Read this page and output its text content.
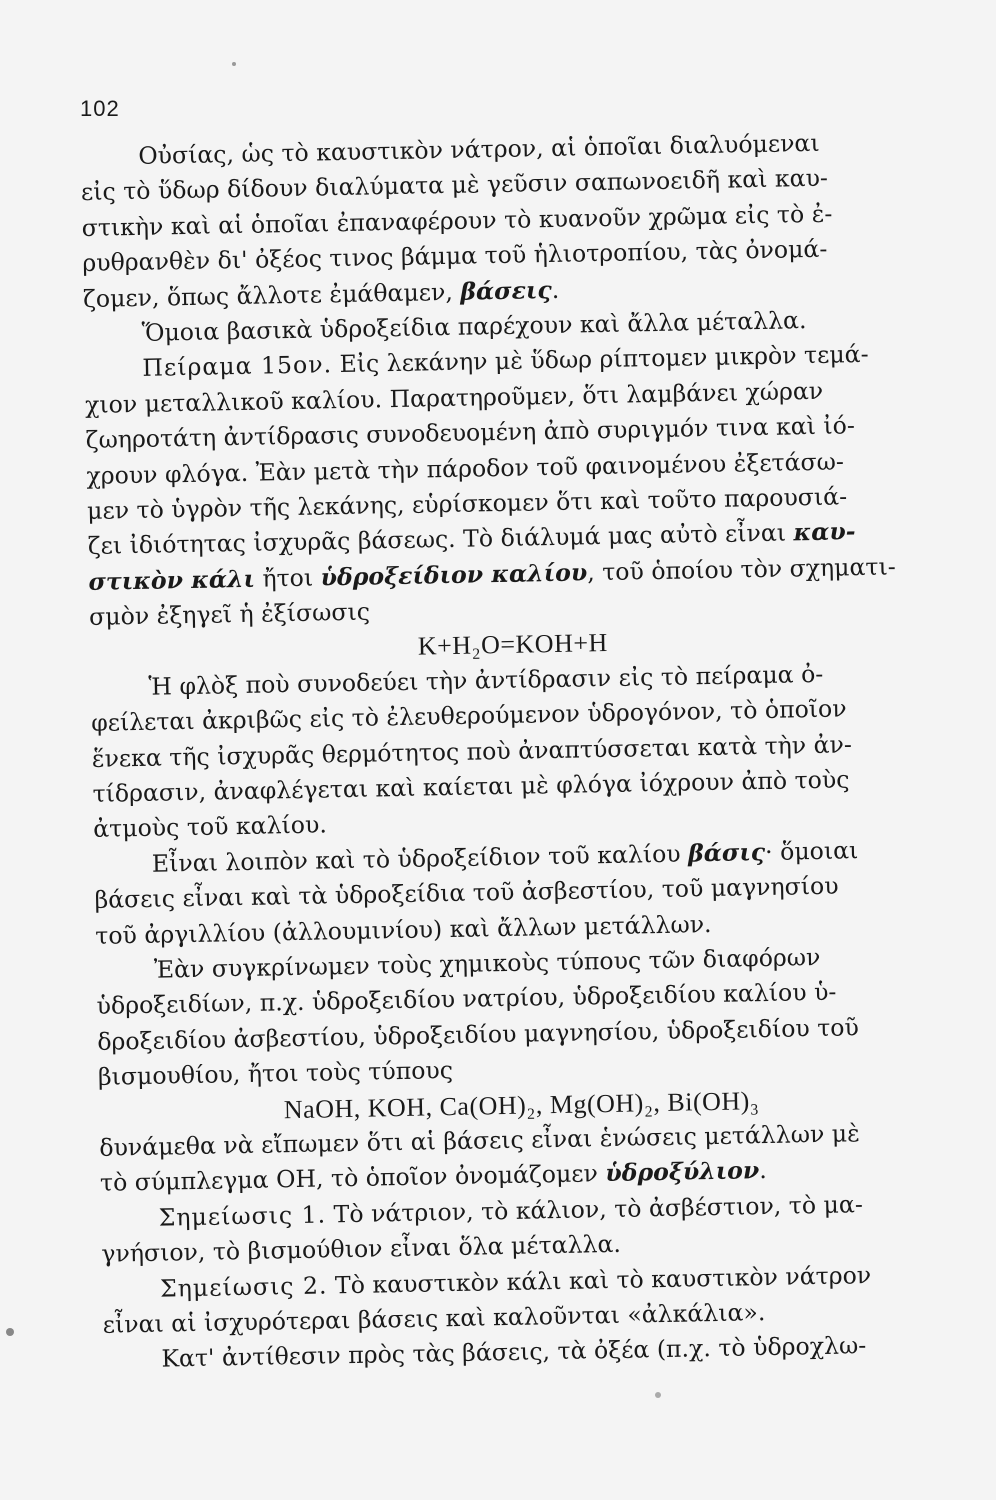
102
Οὐσίας, ὡς τὸ καυστικὸν νάτρον, αἱ ὁποῖαι διαλυόμεναι
εἰς τὸ ὕδωρ δίδουν διαλύματα μὲ γεῦσιν σαπωνοειδῆ καὶ καυ-
στικὴν καὶ αἱ ὁποῖαι ἐπαναφέρουν τὸ κυανοῦν χρῶμα εἰς τὸ ἐ-
ρυθρανθὲν δι' ὀξέος τινος βάμμα τοῦ ἡλιοτροπίου, τὰς ὀνομά-
ζομεν, ὅπως ἄλλοτε ἐμάθαμεν, βάσεις.
Ὅμοια βασικὰ ὑδροξείδια παρέχουν καὶ ἄλλα μέταλλα.
Πείραμα 15ον. Εἰς λεκάνην μὲ ὕδωρ ρίπτομεν μικρὸν τεμά-
χιον μεταλλικοῦ καλίου. Παρατηροῦμεν, ὅτι λαμβάνει χώραν
ζωηροτάτη ἀντίδρασις συνοδευομένη ἀπὸ συριγμόν τινα καὶ ἰό-
χρουν φλόγα. Ἐὰν μετὰ τὴν πάροδον τοῦ φαινομένου ἐξετάσω-
μεν τὸ ὑγρὸν τῆς λεκάνης, εὑρίσκομεν ὅτι καὶ τοῦτο παρουσιά-
ζει ἰδιότητας ἰσχυρᾶς βάσεως. Τὸ διάλυμά μας αὐτὸ εἶναι καυ-
στικὸν κάλι ἤτοι ὑδροξείδιον καλίου, τοῦ ὁποίου τὸν σχηματι-
σμὸν ἐξηγεῖ ἡ ἐξίσωσις
K+H₂O=KOH+H
Ἡ φλὸξ ποὺ συνοδεύει τὴν ἀντίδρασιν εἰς τὸ πείραμα ὀ-
φείλεται ἀκριβῶς εἰς τὸ ἐλευθερούμενον ὑδρογόνον, τὸ ὁποῖον
ἕνεκα τῆς ἰσχυρᾶς θερμότητος ποὺ ἀναπτύσσεται κατὰ τὴν ἀν-
τίδρασιν, ἀναφλέγεται καὶ καίεται μὲ φλόγα ἰόχρουν ἀπὸ τοὺς
ἀτμοὺς τοῦ καλίου.
Εἶναι λοιπὸν καὶ τὸ ὑδροξείδιον τοῦ καλίου βάσις· ὅμοιαι
βάσεις εἶναι καὶ τὰ ὑδροξείδια τοῦ ἀσβεστίου, τοῦ μαγνησίου
τοῦ ἀργιλλίου (ἀλλουμινίου) καὶ ἄλλων μετάλλων.
Ἐὰν συγκρίνωμεν τοὺς χημικοὺς τύπους τῶν διαφόρων
ὑδροξειδίων, π.χ. ὑδροξειδίου νατρίου, ὑδροξειδίου καλίου ὑ-
δροξειδίου ἀσβεστίου, ὑδροξειδίου μαγνησίου, ὑδροξειδίου τοῦ
βισμουθίου, ἤτοι τοὺς τύπους
NaOH, KOH, Ca(OH)₂, Mg(OH)₂, Bi(OH)₃
δυνάμεθα νὰ εἴπωμεν ὅτι αἱ βάσεις εἶναι ἑνώσεις μετάλλων μὲ
τὸ σύμπλεγμα ΟΗ, τὸ ὁποῖον ὀνομάζομεν ὑδροξύλιον.
Σημείωσις 1. Τὸ νάτριον, τὸ κάλιον, τὸ ἀσβέστιον, τὸ μα-
γνήσιον, τὸ βισμούθιον εἶναι ὅλα μέταλλα.
Σημείωσις 2. Τὸ καυστικὸν κάλι καὶ τὸ καυστικὸν νάτρον
εἶναι αἱ ἰσχυρότεραι βάσεις καὶ καλοῦνται «ἀλκάλια».
Κατ' ἀντίθεσιν πρὸς τὰς βάσεις, τὰ ὀξέα (π.χ. τὸ ὑδροχλω-
